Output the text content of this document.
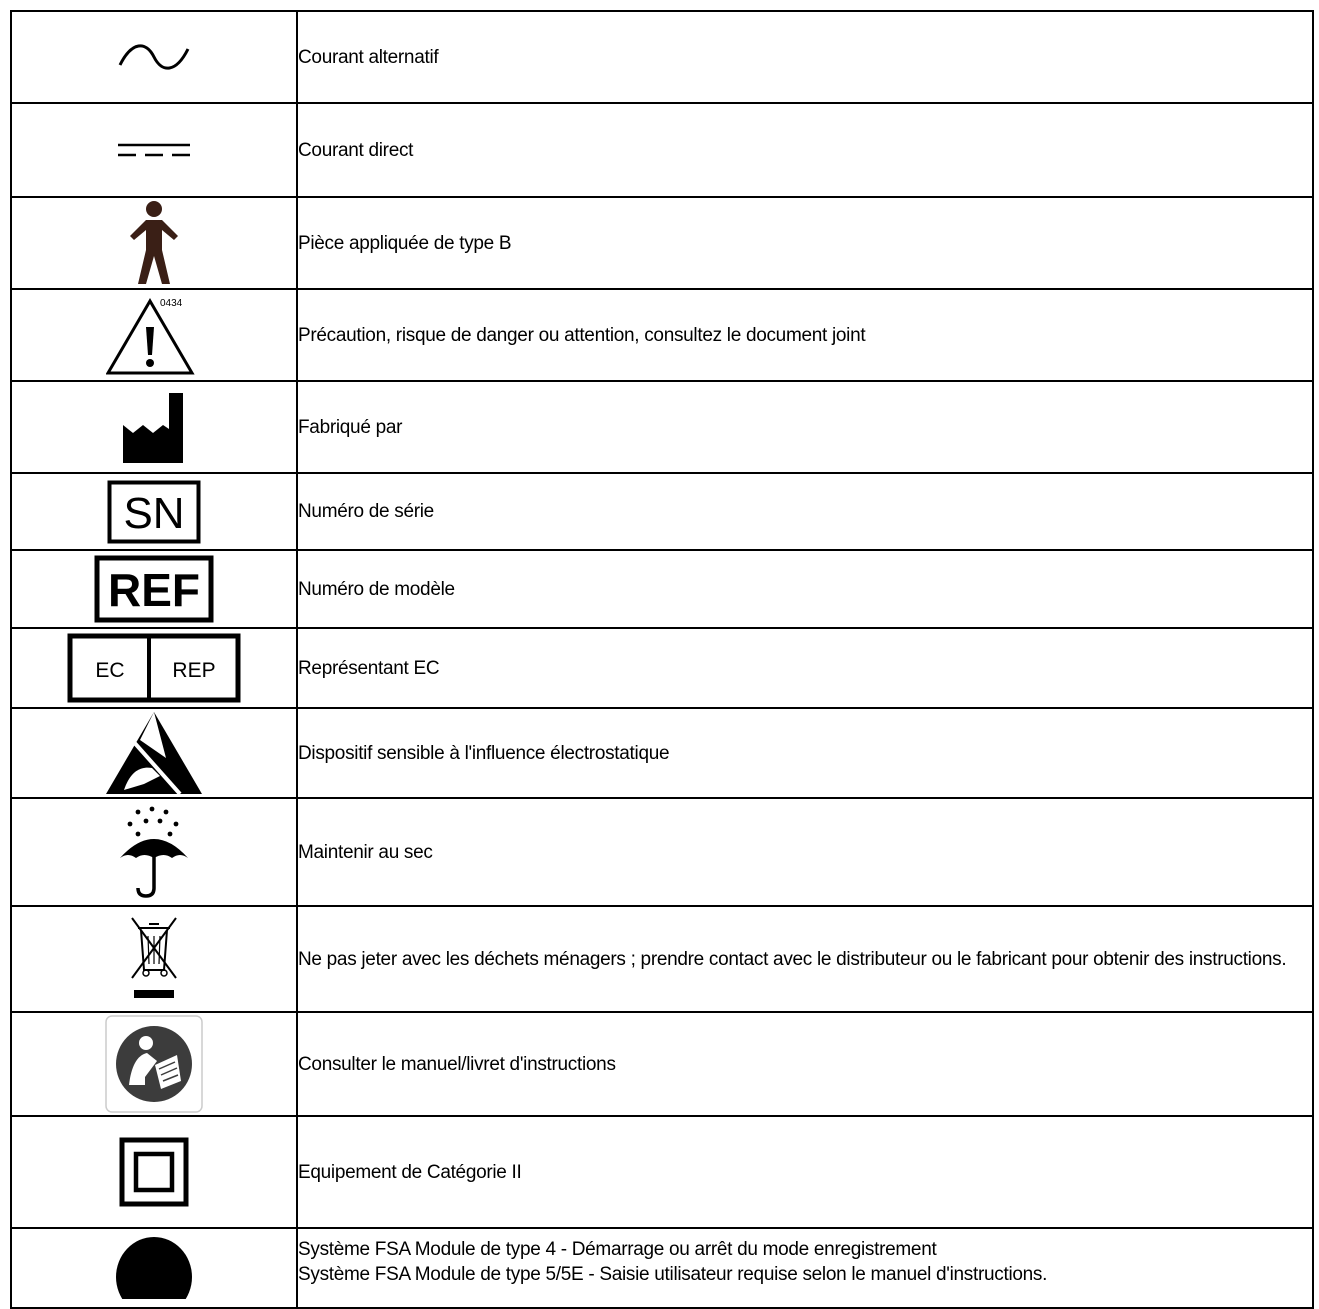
	Courant alternatif

	Courant direct

	Pièce appliquée de type B

0434	Précaution, risque de danger ou attention, consultez le document joint

	Fabriqué par

SN	Numéro de série

REF	Numéro de modèle

EC REP	Représentant EC

	Dispositif sensible à l'influence électrostatique

	Maintenir au sec

	Ne pas jeter avec les déchets ménagers ; prendre contact avec le distributeur ou le fabricant pour obtenir des instructions.

	Consulter le manuel/livret d'instructions

	Equipement de Catégorie II

Système FSA Module de type 4 - Démarrage ou arrêt du mode enregistrement
Système FSA Module de type 5/5E - Saisie utilisateur requise selon le manuel d'instructions.
